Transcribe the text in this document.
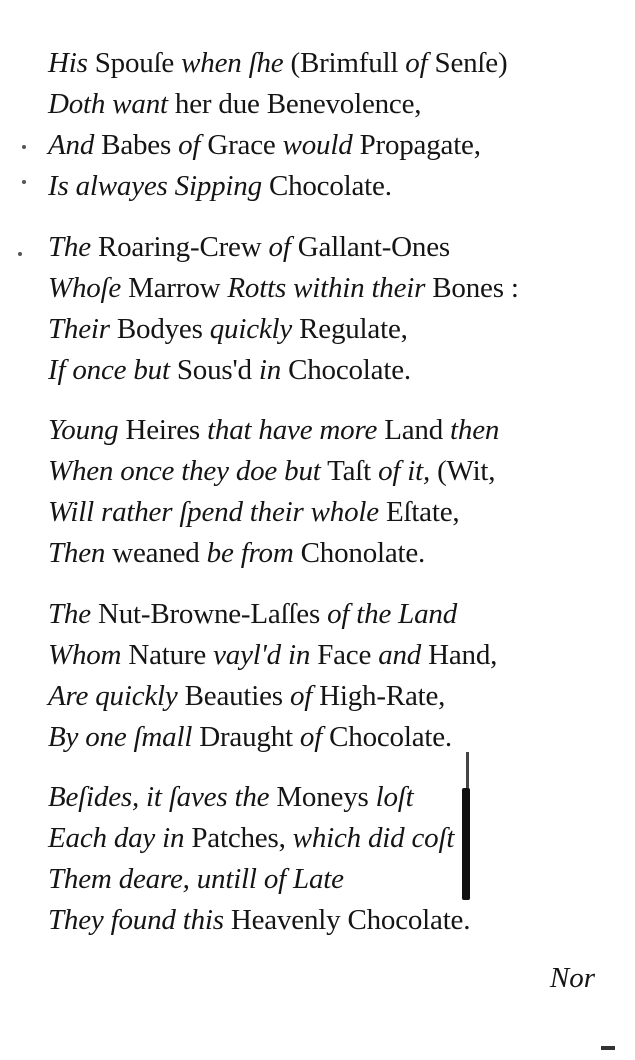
His Spouſe when ſhe (Brimfull of Senſe)
Doth want her due Benevolence,
And Babes of Grace would Propagate,
Is alwayes Sipping Chocolate.
The Roaring-Crew of Gallant-Ones
Whoſe Marrow Rotts within their Bones :
Their Bodyes quickly Regulate,
If once but Sous'd in Chocolate.
Young Heires that have more Land then
When once they doe but Taſt of it, (Wit,
Will rather ſpend their whole Eſtate,
Then weaned be from Chonolate.
The Nut-Browne-Laſſes of the Land
Whom Nature vayl'd in Face and Hand,
Are quickly Beauties of High-Rate,
By one ſmall Draught of Chocolate.
Beſides, it ſaves the Moneys loſt
Each day in Patches, which did coſt
Them deare, untill of Late
They found this Heavenly Chocolate.
Nor
